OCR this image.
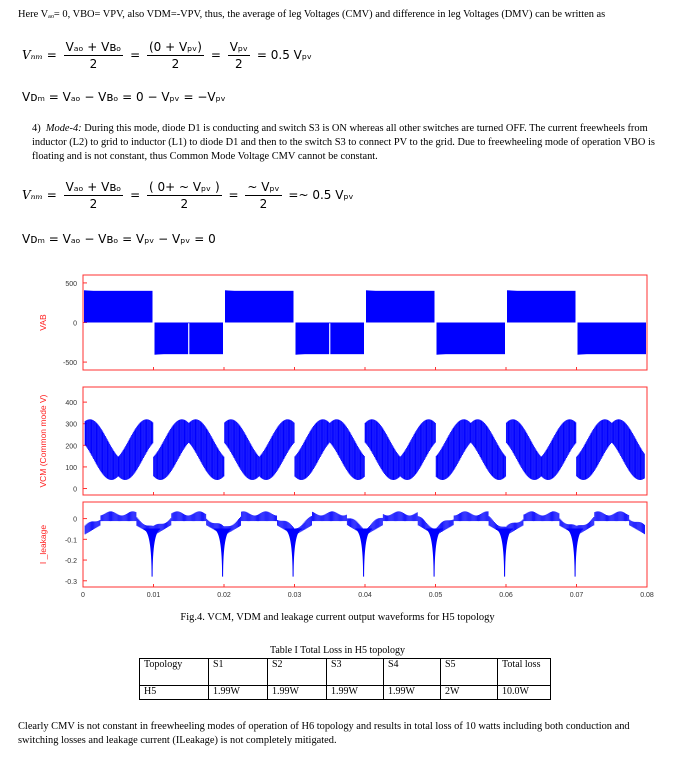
Here Vₐₒ= 0, VBO= VPV, also VDM=-VPV, thus, the average of leg Voltages (CMV) and difference in leg Voltages (DMV) can be written as
$V_{nm} = \frac{\text{Vₐₒ + Vʙₒ}}{2} = \frac{\text{(0 + Vₚᵥ)}}{2} = \frac{\text{Vₚᵥ}}{2} = 0.5$ Vₚᵥ
Vᴅₘ = Vₐₒ − Vʙₒ = 0 − Vₚᵥ = −Vₚᵥ
4) Mode-4: During this mode, diode D1 is conducting and switch S3 is ON whereas all other switches are turned OFF. The current freewheels from inductor (L2) to grid to inductor (L1) to diode D1 and then to the switch S3 to connect PV to the grid. Due to freewheeling mode of operation VBO is floating and is not constant, thus Common Mode Voltage CMV cannot be constant.
$V_{nm} = \frac{\text{Vₐₒ + Vʙₒ}}{2} = \frac{\text{( 0+ \textasciitilde{} Vₚᵥ )}}{2} = \frac{\text{\textasciitilde{} Vₚᵥ}}{2}$ =~ 0.5 Vₚᵥ
Vᴅₘ = Vₐₒ − Vʙₒ = Vₚᵥ − Vₚᵥ = 0
500
0
-500
VAB
400
300
200
100
0
VCM (Common mode V)
0
-0.1
-0.2
-0.3
I _leakage
0	0.01	0.02	0.03	0.04	0.05	0.06	0.07	0.08
Fig.4. VCM, VDM and leakage current output waveforms for H5 topology
Table I Total Loss in H5 topology
Topology	S1	S2	S3	S4	S5	Total loss
H5	1.99W	1.99W	1.99W	1.99W	2W	10.0W
Clearly CMV is not constant in freewheeling modes of operation of H6 topology and results in total loss of 10 watts including both conduction and switching losses and leakage current (ILeakage) is not completely mitigated.
